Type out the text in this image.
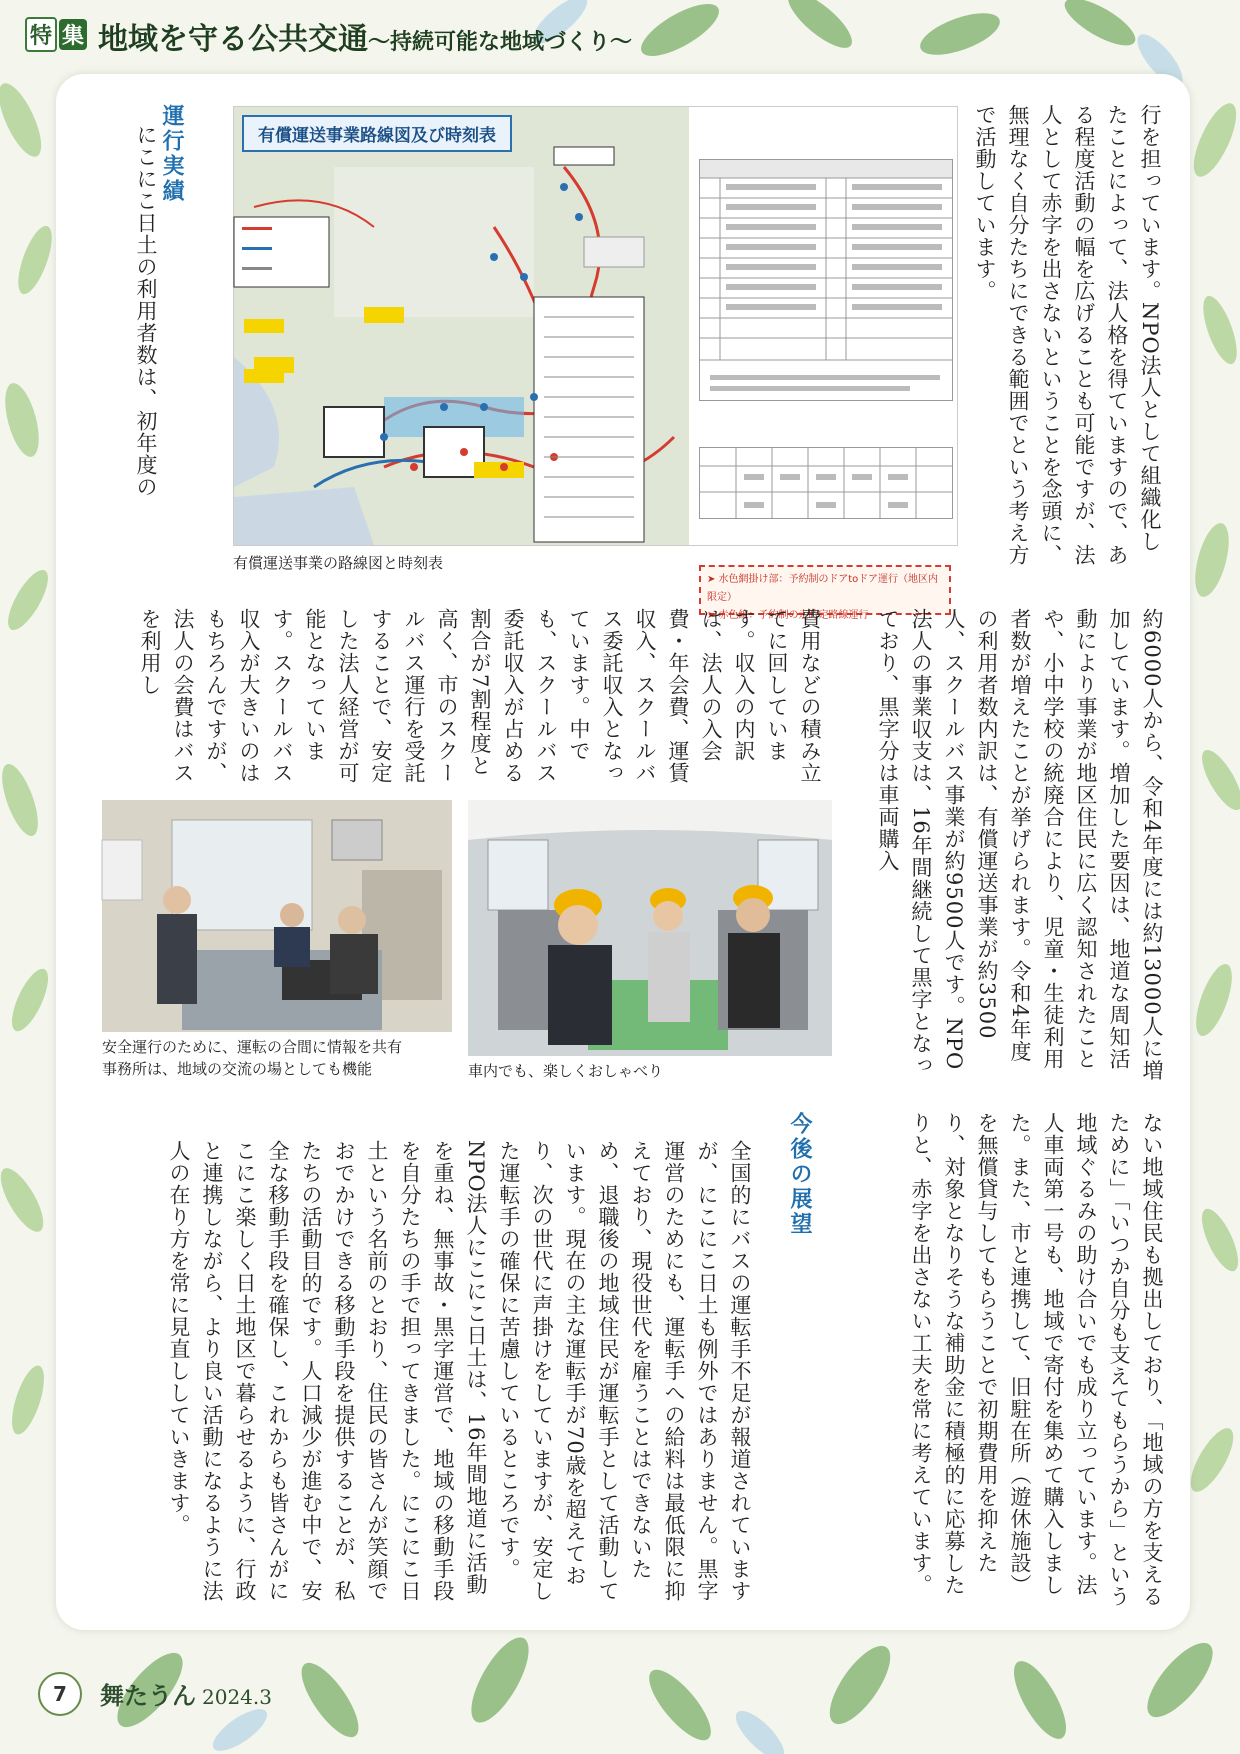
特 集 地域を守る公共交通〜持続可能な地域づくり〜
行を担っています。NPO法人として組織化したことによって、法人格を得ていますので、ある程度活動の幅を広げることも可能ですが、法人として赤字を出さないということを念頭に、無理なく自分たちにできる範囲でという考え方で活動しています。
運行実績
にこにこ日土の利用者数は、初年度の	有償運送事業路線図及び時刻表
➤ 水色網掛け部：予約制のドアtoドア運行（地区内限定）
➤ 赤色線：予約制の走時定路線運行
有償運送事業の路線図と時刻表
約6000人から、令和4年度には約13000人に増加しています。増加した要因は、地道な周知活動により事業が地区住民に広く認知されたことや、小中学校の統廃合により、児童・生徒利用者数が増えたことが挙げられます。令和4年度の利用者数内訳は、有償運送事業が約3500人、スクールバス事業が約9500人です。NPO法人の事業収支は、16年間継続して黒字となっており、黒字分は車両購入
費用などの積み立てに回しています。収入の内訳は、法人の入会費・年会費、運賃収入、スクールバス委託収入となっています。中でも、スクールバス委託収入が占める割合が7割程度と高く、市のスクールバス運行を受託することで、安定した法人経営が可能となっています。スクールバス収入が大きいのはもちろんですが、法人の会費はバスを利用し
安全運行のために、運転の合間に情報を共有
事務所は、地域の交流の場としても機能	車内でも、楽しくおしゃべり
ない地域住民も拠出しており、「地域の方を支えるために」「いつか自分も支えてもらうから」という地域ぐるみの助け合いでも成り立っています。法人車両第一号も、地域で寄付を集めて購入しました。また、市と連携して、旧駐在所（遊休施設）を無償貸与してもらうことで初期費用を抑えたり、対象となりそうな補助金に積極的に応募したりと、赤字を出さない工夫を常に考えています。
今後の展望
全国的にバスの運転手不足が報道されていますが、にこにこ日土も例外ではありません。黒字運営のためにも、運転手への給料は最低限に抑えており、現役世代を雇うことはできないため、退職後の地域住民が運転手として活動しています。現在の主な運転手が70歳を超えており、次の世代に声掛けをしていますが、安定した運転手の確保に苦慮しているところです。NPO法人にこにこ日土は、16年間地道に活動を重ね、無事故・黒字運営で、地域の移動手段を自分たちの手で担ってきました。にこにこ日土という名前のとおり、住民の皆さんが笑顔でおでかけできる移動手段を提供することが、私たちの活動目的です。人口減少が進む中で、安全な移動手段を確保し、これからも皆さんがにこにこ楽しく日土地区で暮らせるように、行政と連携しながら、より良い活動になるように法人の在り方を常に見直ししていきます。
7	舞たうん 2024.3
